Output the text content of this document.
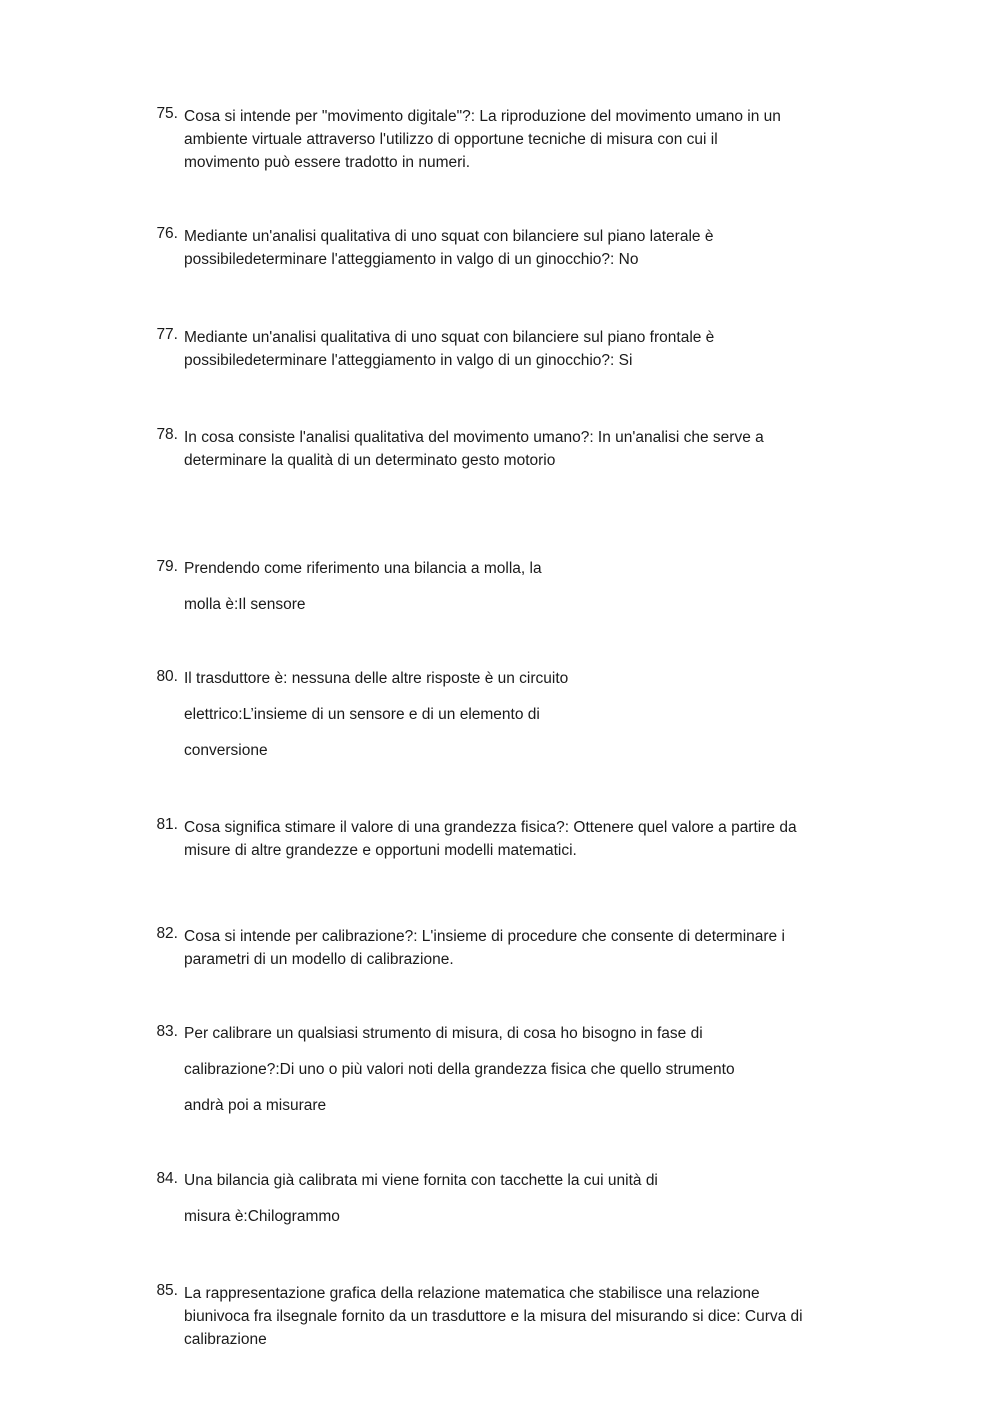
75. Cosa si intende per "movimento digitale"?: La riproduzione del movimento umano in un
ambiente virtuale attraverso l'utilizzo di opportune tecniche di misura con cui il
movimento può essere tradotto in numeri.
76. Mediante un'analisi qualitativa di uno squat con bilanciere sul piano laterale è
possibiledeterminare l'atteggiamento in valgo di un ginocchio?: No
77. Mediante un'analisi qualitativa di uno squat con bilanciere sul piano frontale è
possibiledeterminare l'atteggiamento in valgo di un ginocchio?: Si
78. In cosa consiste l'analisi qualitativa del movimento umano?: In un'analisi che serve a
determinare la qualità di un determinato gesto motorio
79. Prendendo come riferimento una bilancia a molla, la
molla è:Il sensore
80. Il trasduttore è: nessuna delle altre risposte è un circuito
elettrico:L’insieme di un sensore e di un elemento di
conversione
81. Cosa significa stimare il valore di una grandezza fisica?: Ottenere quel valore a partire da
misure di altre grandezze e opportuni modelli matematici.
82. Cosa si intende per calibrazione?: L'insieme di procedure che consente di determinare i
parametri di un modello di calibrazione.
83. Per calibrare un qualsiasi strumento di misura, di cosa ho bisogno in fase di
calibrazione?:Di uno o più valori noti della grandezza fisica che quello strumento
andrà poi a misurare
84. Una bilancia già calibrata mi viene fornita con tacchette la cui unità di
misura è:Chilogrammo
85. La rappresentazione grafica della relazione matematica che stabilisce una relazione
biunivoca fra ilsegnale fornito da un trasduttore e la misura del misurando si dice: Curva di
calibrazione
